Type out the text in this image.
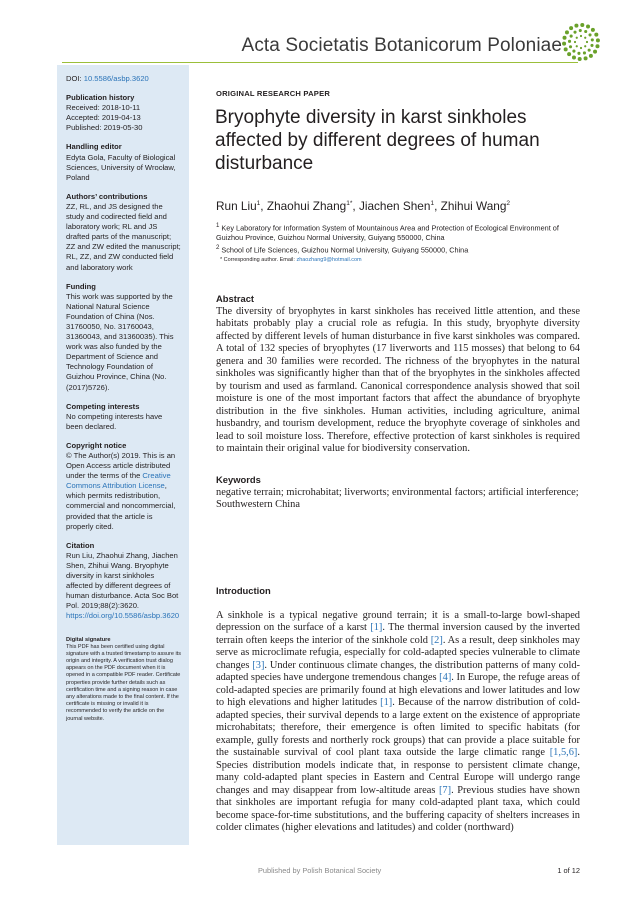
Acta Societatis Botanicorum Poloniae

DOI: 10.5586/asbp.3620

Publication history

Received: 2018-10-11

Accepted: 2019-04-13

Published: 2019-05-30

Handling editor

Edyta Gola, Faculty of Biological Sciences, University of Wrocław, Poland

Authors’ contributions

ZZ, RL, and JS designed the study and codirected field and laboratory work; RL and JS drafted parts of the manuscript; ZZ and ZW edited the manuscript; RL, ZZ, and ZW conducted field and laboratory work

Funding

This work was supported by the National Natural Science Foundation of China (Nos. 31760050, No. 31760043, 31360043, and 31360035). This work was also funded by the Department of Science and Technology Foundation of Guizhou Province, China (No. (2017)5726).

Competing interests

No competing interests have been declared.

Copyright notice

© The Author(s) 2019. This is an Open Access article distributed under the terms of the Creative Commons Attribution License, which permits redistribution, commercial and noncommercial, provided that the article is properly cited.

Citation

Run Liu, Zhaohui Zhang, Jiachen Shen, Zhihui Wang. Bryophyte diversity in karst sinkholes affected by different degrees of human disturbance. Acta Soc Bot Pol. 2019;88(2):3620. https://doi.org/10.5586/asbp.3620

Digital signature

This PDF has been certified using digital signature with a trusted timestamp to assure its origin and integrity. A verification trust dialog appears on the PDF document when it is opened in a compatible PDF reader. Certificate properties provide further details such as certification time and a signing reason in case any alterations made to the final content. If the certificate is missing or invalid it is recommended to verify the article on the journal website.

ORIGINAL RESEARCH PAPER
Bryophyte diversity in karst sinkholes affected by different degrees of human disturbance
Run Liu$^1$, Zhaohui Zhang$^{1*}$, Jiachen Shen$^1$, Zhihui Wang$^2$

$^1$ Key Laboratory for Information System of Mountainous Area and Protection of Ecological Environment of Guizhou Province, Guizhou Normal University, Guiyang 550000, China

$^2$ School of Life Sciences, Guizhou Normal University, Guiyang 550000, China

* Corresponding author. Email: zhaozhang9@hotmail.com
Abstract

The diversity of bryophytes in karst sinkholes has received little attention, and these habitats probably play a crucial role as refugia. In this study, bryophyte diversity affected by different levels of human disturbance in five karst sinkholes was compared. A total of 132 species of bryophytes (17 liverworts and 115 mosses) that belong to 64 genera and 30 families were recorded. The richness of the bryophytes in the natural sinkholes was significantly higher than that of the bryophytes in the sinkholes affected by tourism and used as farmland. Canonical correspondence analysis showed that soil moisture is one of the most important factors that affect the abundance of bryophyte distribution in the five sinkholes. Human activities, including agriculture, animal husbandry, and tourism development, reduce the bryophyte coverage of sinkholes and lead to soil moisture loss. Therefore, effective protection of karst sinkholes is required to maintain their original value for biodiversity conservation.

Keywords

negative terrain; microhabitat; liverworts; environmental factors; artificial interference; Southwestern China

Introduction

A sinkhole is a typical negative ground terrain; it is a small-to-large bowl-shaped depression on the surface of a karst [1]. The thermal inversion caused by the inverted terrain often keeps the interior of the sinkhole cold [2]. As a result, deep sinkholes may serve as microclimate refugia, especially for cold-adapted species vulnerable to climate changes [3]. Under continuous climate changes, the distribution patterns of many cold-adapted species have undergone tremendous changes [4]. In Europe, the refuge areas of cold-adapted species are primarily found at high elevations and lower latitudes and low to high elevations and higher latitudes [1]. Because of the narrow distribution of cold-adapted species, their survival depends to a large extent on the existence of appropriate microhabitats; therefore, their emergence is often limited to specific habitats (for example, gully forests and northerly rock groups) that can provide a place suitable for the sustainable survival of cool plant taxa outside the large climatic range [1,5,6]. Species distribution models indicate that, in response to persistent climate change, many cold-adapted plant species in Eastern and Central Europe will undergo range changes and may disappear from low-altitude areas [7]. Previous studies have shown that sinkholes are important refugia for many cold-adapted plant taxa, which could become space-for-time substitutions, and the buffering capacity of shelters increases in colder climates (higher elevations and latitudes) and colder (northward)

Published by Polish Botanical Society	1 of 12
